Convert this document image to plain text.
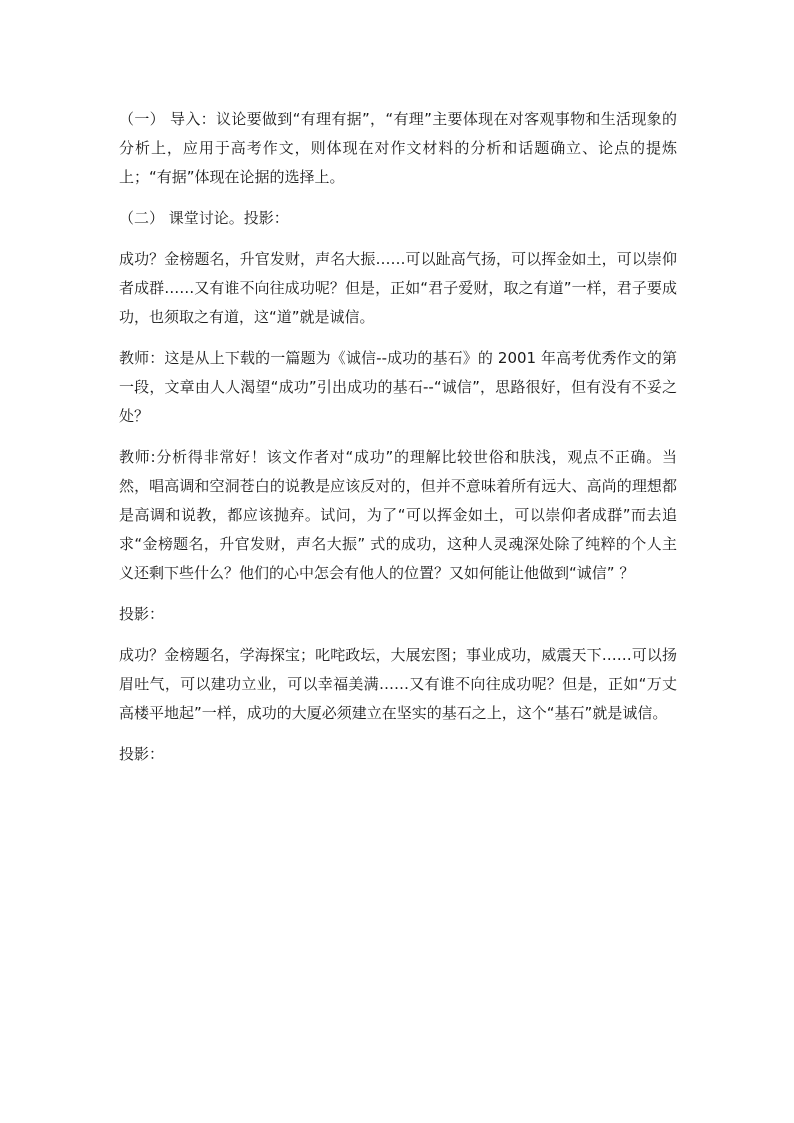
（一） 导入：议论要做到“有理有据”，“有理”主要体现在对客观事物和生活现象的分析上，应用于高考作文，则体现在对作文材料的分析和话题确立、论点的提炼上；“有据”体现在论据的选择上。

（二） 课堂讨论。投影：

成功？金榜题名，升官发财，声名大振……可以趾高气扬，可以挥金如土，可以崇仰者成群……又有谁不向往成功呢？但是，正如“君子爱财，取之有道”一样，君子要成功，也须取之有道，这“道”就是诚信。

教师：这是从上下载的一篇题为《诚信--成功的基石》的 2001 年高考优秀作文的第一段，文章由人人渴望“成功”引出成功的基石--“诚信”，思路很好，但有没有不妥之处？

教师:分析得非常好！该文作者对“成功”的理解比较世俗和肤浅，观点不正确。当然，唱高调和空洞苍白的说教是应该反对的，但并不意味着所有远大、高尚的理想都是高调和说教，都应该抛弃。试问，为了“可以挥金如土，可以崇仰者成群”而去追求“金榜题名，升官发财，声名大振” 式的成功，这种人灵魂深处除了纯粹的个人主义还剩下些什么？他们的心中怎会有他人的位置？又如何能让他做到“诚信” ？

投影：

成功？金榜题名，学海探宝；叱咤政坛，大展宏图；事业成功，威震天下……可以扬眉吐气，可以建功立业，可以幸福美满……又有谁不向往成功呢？但是，正如“万丈高楼平地起”一样，成功的大厦必须建立在坚实的基石之上，这个“基石”就是诚信。

投影：
